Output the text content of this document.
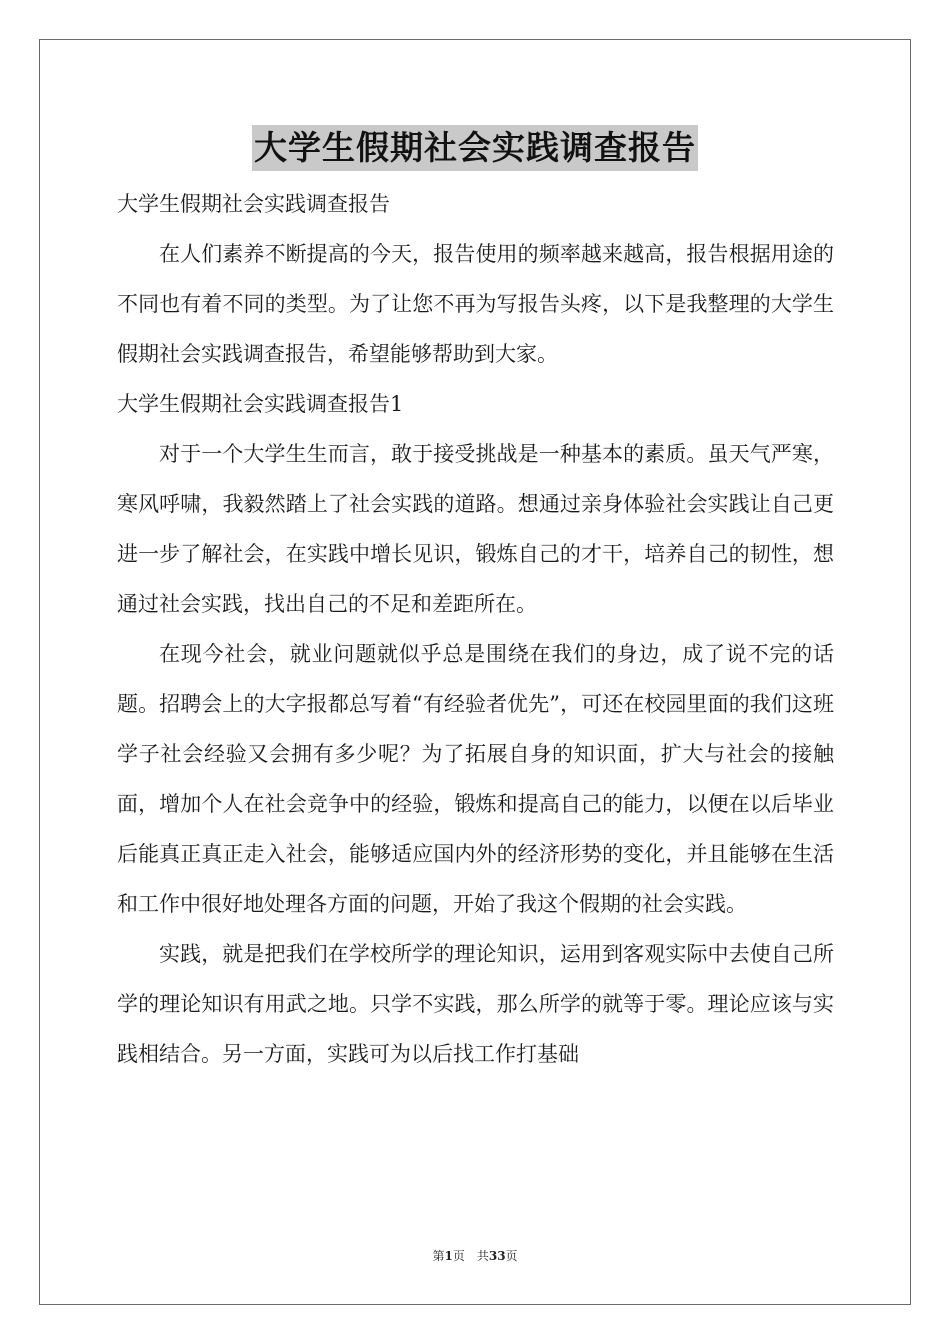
大学生假期社会实践调查报告
大学生假期社会实践调查报告

在人们素养不断提高的今天，报告使用的频率越来越高，报告根据用途的不同也有着不同的类型。为了让您不再为写报告头疼，以下是我整理的大学生假期社会实践调查报告，希望能够帮助到大家。

大学生假期社会实践调查报告1

对于一个大学生生而言，敢于接受挑战是一种基本的素质。虽天气严寒，寒风呼啸，我毅然踏上了社会实践的道路。想通过亲身体验社会实践让自己更进一步了解社会，在实践中增长见识，锻炼自己的才干，培养自己的韧性，想通过社会实践，找出自己的不足和差距所在。

在现今社会，就业问题就似乎总是围绕在我们的身边，成了说不完的话题。招聘会上的大字报都总写着“有经验者优先”，可还在校园里面的我们这班学子社会经验又会拥有多少呢？为了拓展自身的知识面，扩大与社会的接触面，增加个人在社会竞争中的经验，锻炼和提高自己的能力，以便在以后毕业后能真正真正走入社会，能够适应国内外的经济形势的变化，并且能够在生活和工作中很好地处理各方面的问题，开始了我这个假期的社会实践。

实践，就是把我们在学校所学的理论知识，运用到客观实际中去使自己所学的理论知识有用武之地。只学不实践，那么所学的就等于零。理论应该与实践相结合。另一方面，实践可为以后找工作打基础

第1页 共33页
